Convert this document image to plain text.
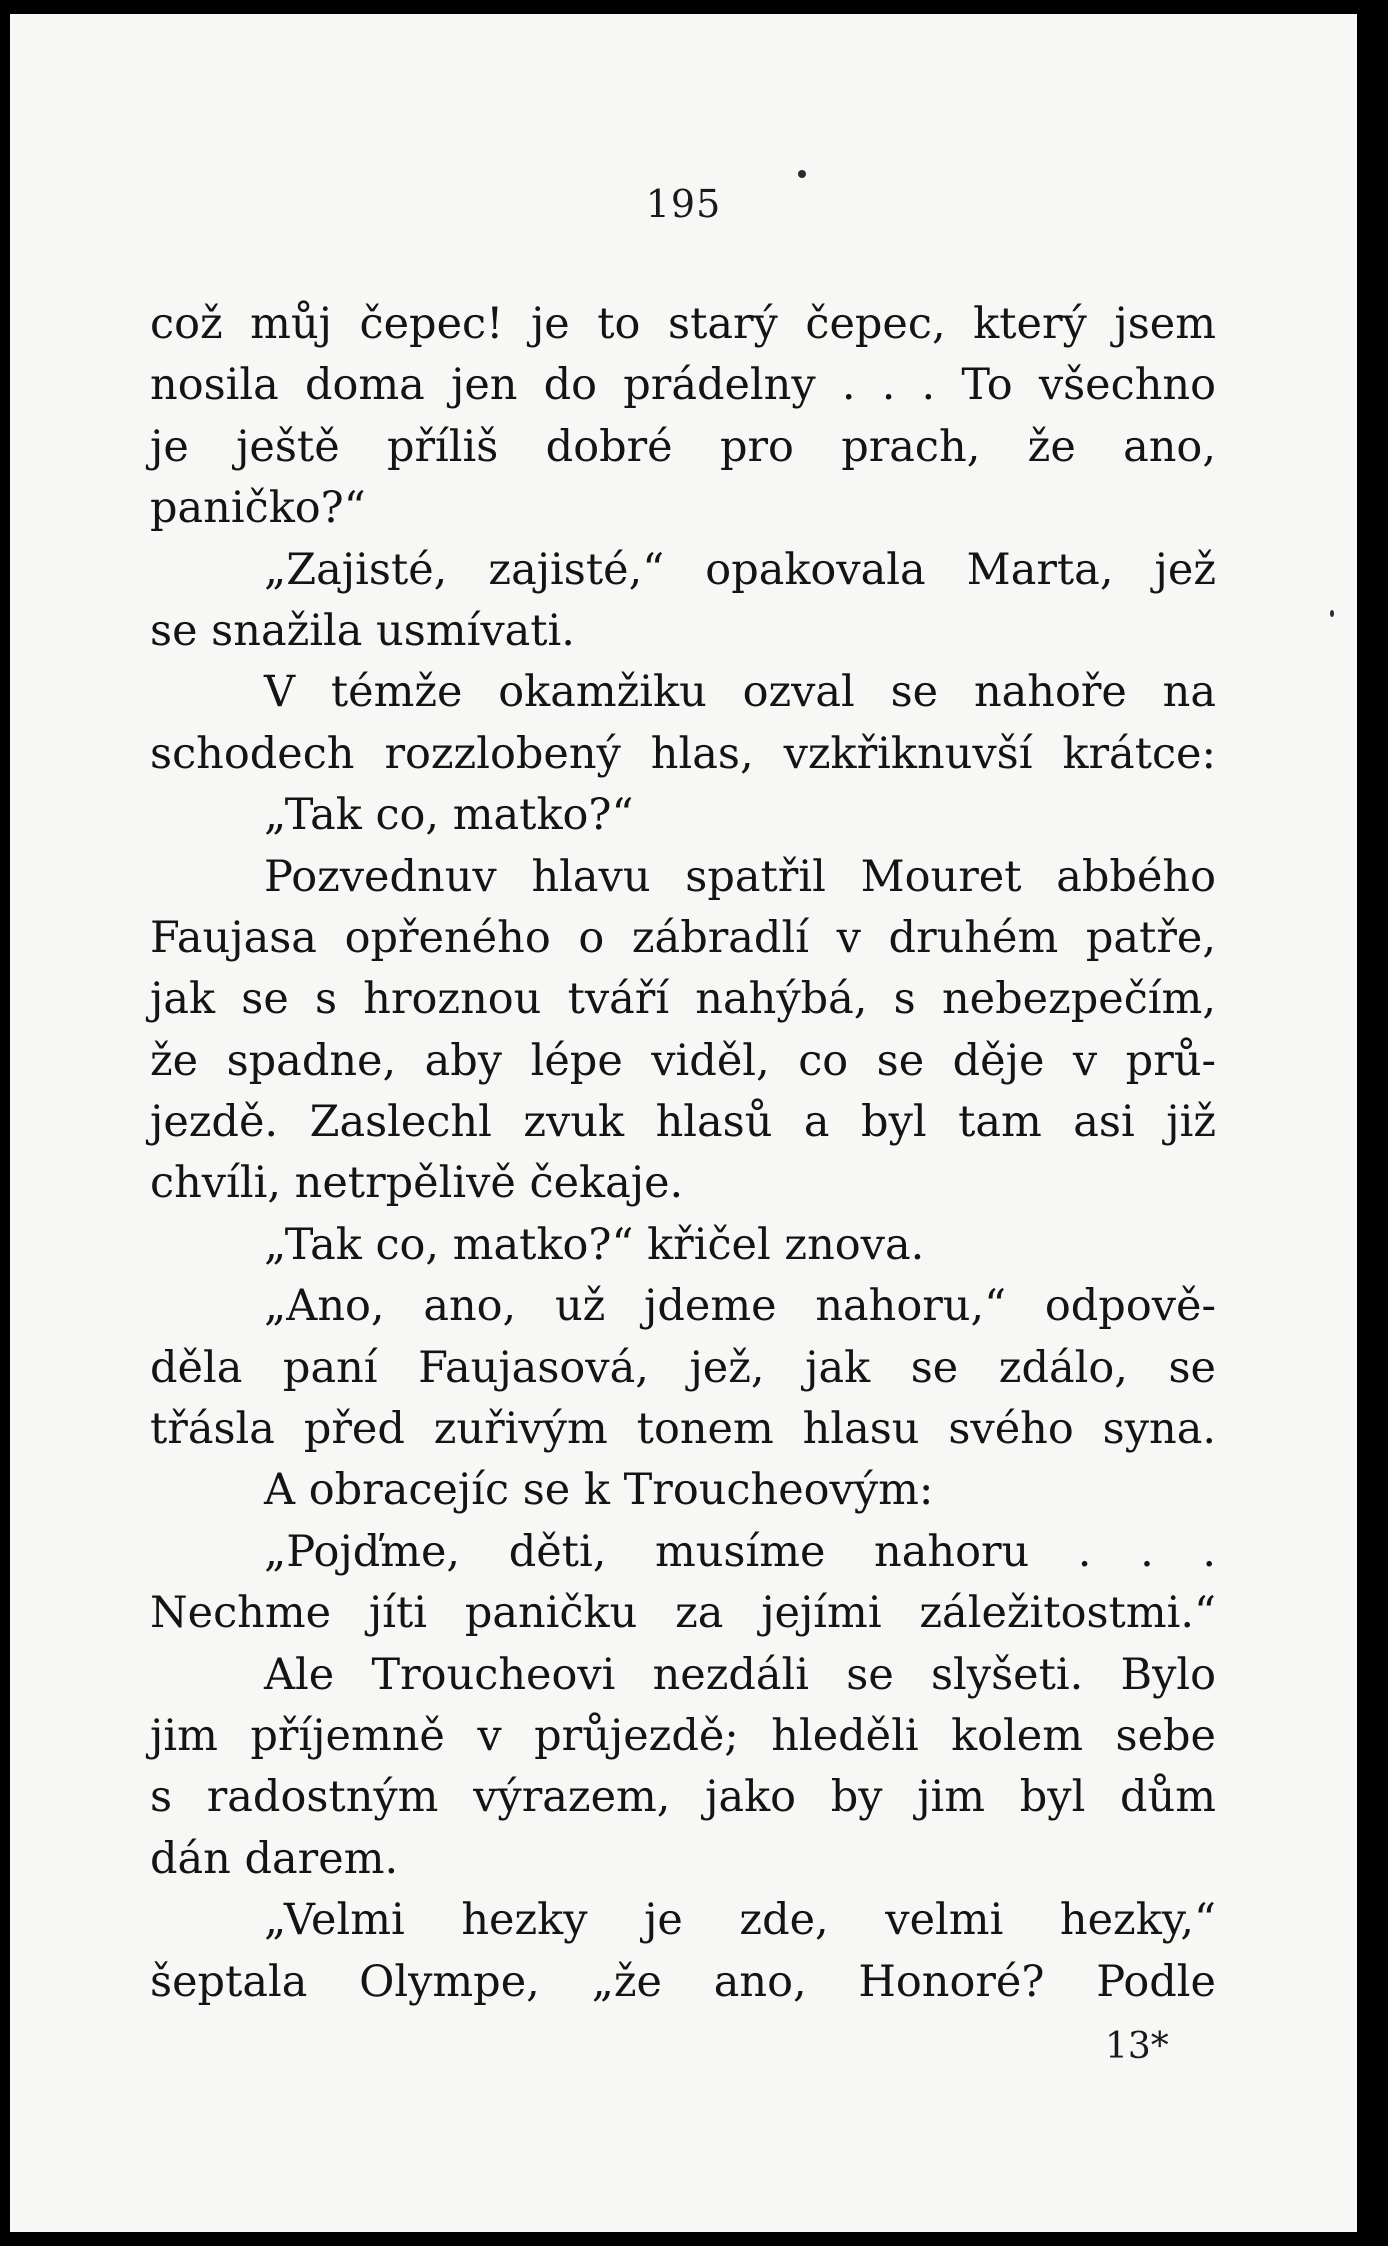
195
což můj čepec! je to starý čepec, který jsem
nosila doma jen do prádelny . . . To všechno
je ještě příliš dobré pro prach, že ano,
paničko?“
„Zajisté, zajisté,“ opakovala Marta, jež
se snažila usmívati.
V témže okamžiku ozval se nahoře na
schodech rozzlobený hlas, vzkřiknuvší krátce:
„Tak co, matko?“
Pozvednuv hlavu spatřil Mouret abbého
Faujasa opřeného o zábradlí v druhém patře,
jak se s hroznou tváří nahýbá, s nebezpečím,
že spadne, aby lépe viděl, co se děje v prů-
jezdě. Zaslechl zvuk hlasů a byl tam asi již
chvíli, netrpělivě čekaje.
„Tak co, matko?“ křičel znova.
„Ano, ano, už jdeme nahoru,“ odpově-
děla paní Faujasová, jež, jak se zdálo, se
třásla před zuřivým tonem hlasu svého syna.
A obracejíc se k Troucheovým:
„Pojďme, děti, musíme nahoru . . .
Nechme jíti paničku za jejími záležitostmi.“
Ale Troucheovi nezdáli se slyšeti. Bylo
jim příjemně v průjezdě; hleděli kolem sebe
s radostným výrazem, jako by jim byl dům
dán darem.
„Velmi hezky je zde, velmi hezky,“
šeptala Olympe, „že ano, Honoré? Podle
13*
